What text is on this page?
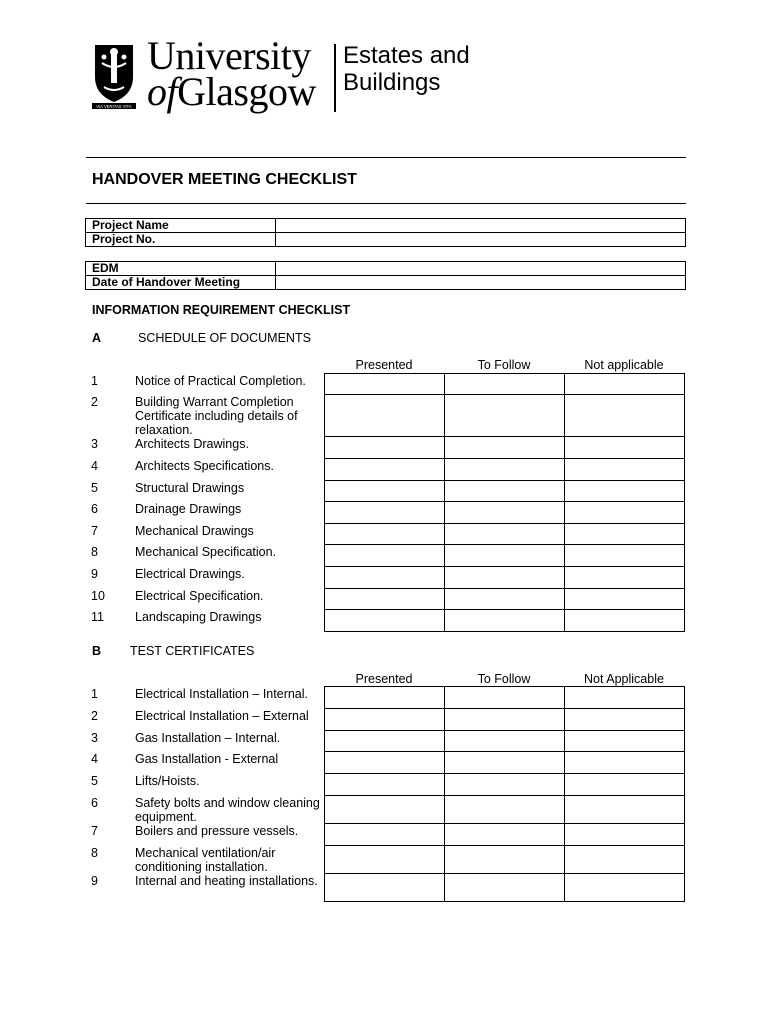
VIA VERITAS VITA
University
ofGlasgow
Estates and
Buildings
HANDOVER MEETING CHECKLIST
Project Name	
Project No.	
EDM	
Date of Handover Meeting	
INFORMATION REQUIREMENT CHECKLIST
A	SCHEDULE OF DOCUMENTS
Presented	To Follow	Not applicable
1	Notice of Practical Completion.
2	Building Warrant Completion Certificate including details of relaxation.
3	Architects Drawings.
4	Architects Specifications.
5	Structural Drawings
6	Drainage Drawings
7	Mechanical Drawings
8	Mechanical Specification.
9	Electrical Drawings.
10 Electrical Specification.
11 Landscaping Drawings

B TEST CERTIFICATES
Presented	To Follow	Not Applicable
1	Electrical Installation – Internal.
2	Electrical Installation – External
3	Gas Installation – Internal.
4	Gas Installation - External
5	Lifts/Hoists.
6	Safety bolts and window cleaning equipment.
7	Boilers and pressure vessels.
8	Mechanical ventilation/air conditioning installation.
9	Internal and heating installations.
